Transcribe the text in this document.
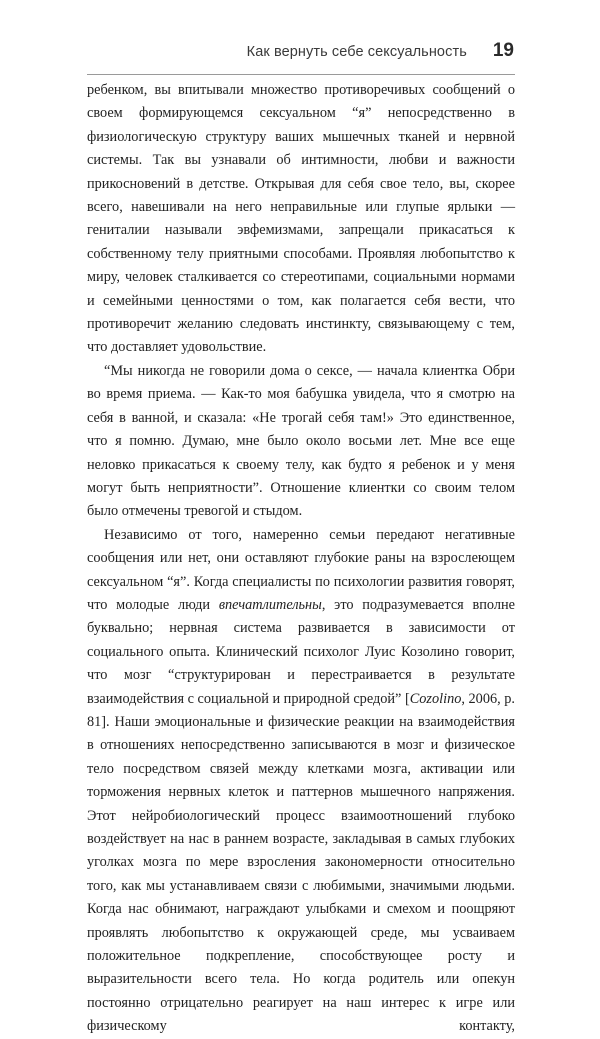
Как вернуть себе сексуальность 19

ребенком, вы впитывали множество противоречивых сообщений о своем формирующемся сексуальном “я” непосредственно в физиологическую структуру ваших мышечных тканей и нервной системы. Так вы узнавали об интимности, любви и важности прикосновений в детстве. Открывая для себя свое тело, вы, скорее всего, навешивали на него неправильные или глупые ярлыки — гениталии называли эвфемизмами, запрещали прикасаться к собственному телу приятными способами. Проявляя любопытство к миру, человек сталкивается со стереотипами, социальными нормами и семейными ценностями о том, как полагается себя вести, что противоречит желанию следовать инстинкту, связывающему с тем, что доставляет удовольствие.

“Мы никогда не говорили дома о сексе, — начала клиентка Обри во время приема. — Как-то моя бабушка увидела, что я смотрю на себя в ванной, и сказала: «Не трогай себя там!» Это единственное, что я помню. Думаю, мне было около восьми лет. Мне все еще неловко прикасаться к своему телу, как будто я ребенок и у меня могут быть неприятности”. Отношение клиентки со своим телом было отмечены тревогой и стыдом.

Независимо от того, намеренно семьи передают негативные сообщения или нет, они оставляют глубокие раны на взрослеющем сексуальном “я”. Когда специалисты по психологии развития говорят, что молодые люди впечатлительны, это подразумевается вполне буквально; нервная система развивается в зависимости от социального опыта. Клинический психолог Луис Козолино говорит, что мозг “структурирован и перестраивается в результате взаимодействия с социальной и природной средой” [Cozolino, 2006, p. 81]. Наши эмоциональные и физические реакции на взаимодействия в отношениях непосредственно записываются в мозг и физическое тело посредством связей между клетками мозга, активации или торможения нервных клеток и паттернов мышечного напряжения. Этот нейробиологический процесс взаимоотношений глубоко воздействует на нас в раннем возрасте, закладывая в самых глубоких уголках мозга по мере взросления закономерности относительно того, как мы устанавливаем связи с любимыми, значимыми людьми. Когда нас обнимают, награждают улыбками и смехом и поощряют проявлять любопытство к окружающей среде, мы усваиваем положительное подкрепление, способствующее росту и выразительности всего тела. Но когда родитель или опекун постоянно отрицательно реагирует на наш интерес к игре или физическому контакту,
